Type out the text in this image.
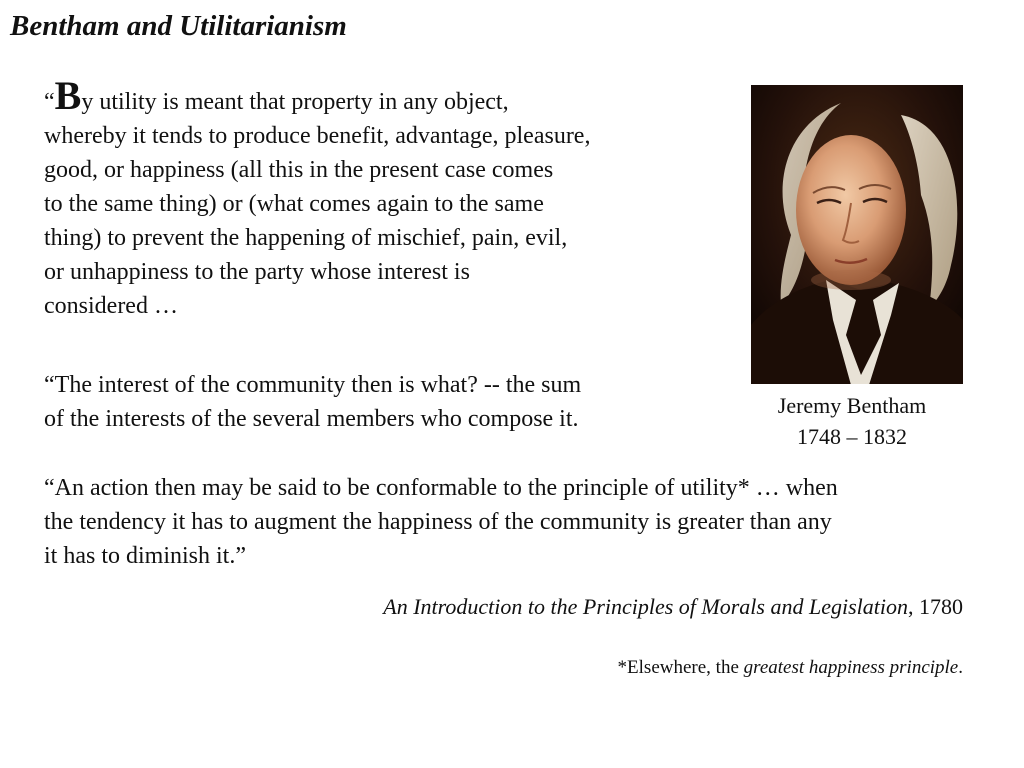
Bentham and Utilitarianism
“By utility is meant that property in any object,
whereby it tends to produce benefit, advantage, pleasure,
good, or happiness (all this in the present case comes
to the same thing) or (what comes again to the same
thing) to prevent the happening of mischief, pain, evil,
or unhappiness to the party whose interest is
considered …
“The interest of the community then is what? -- the sum
of the interests of the several members who compose it.
Jeremy Bentham
1748 – 1832
“An action then may be said to be conformable to the principle of utility* … when
the tendency it has to augment the happiness of the community is greater than any
it has to diminish it.”
An Introduction to the Principles of Morals and Legislation, 1780
*Elsewhere, the greatest happiness principle.
